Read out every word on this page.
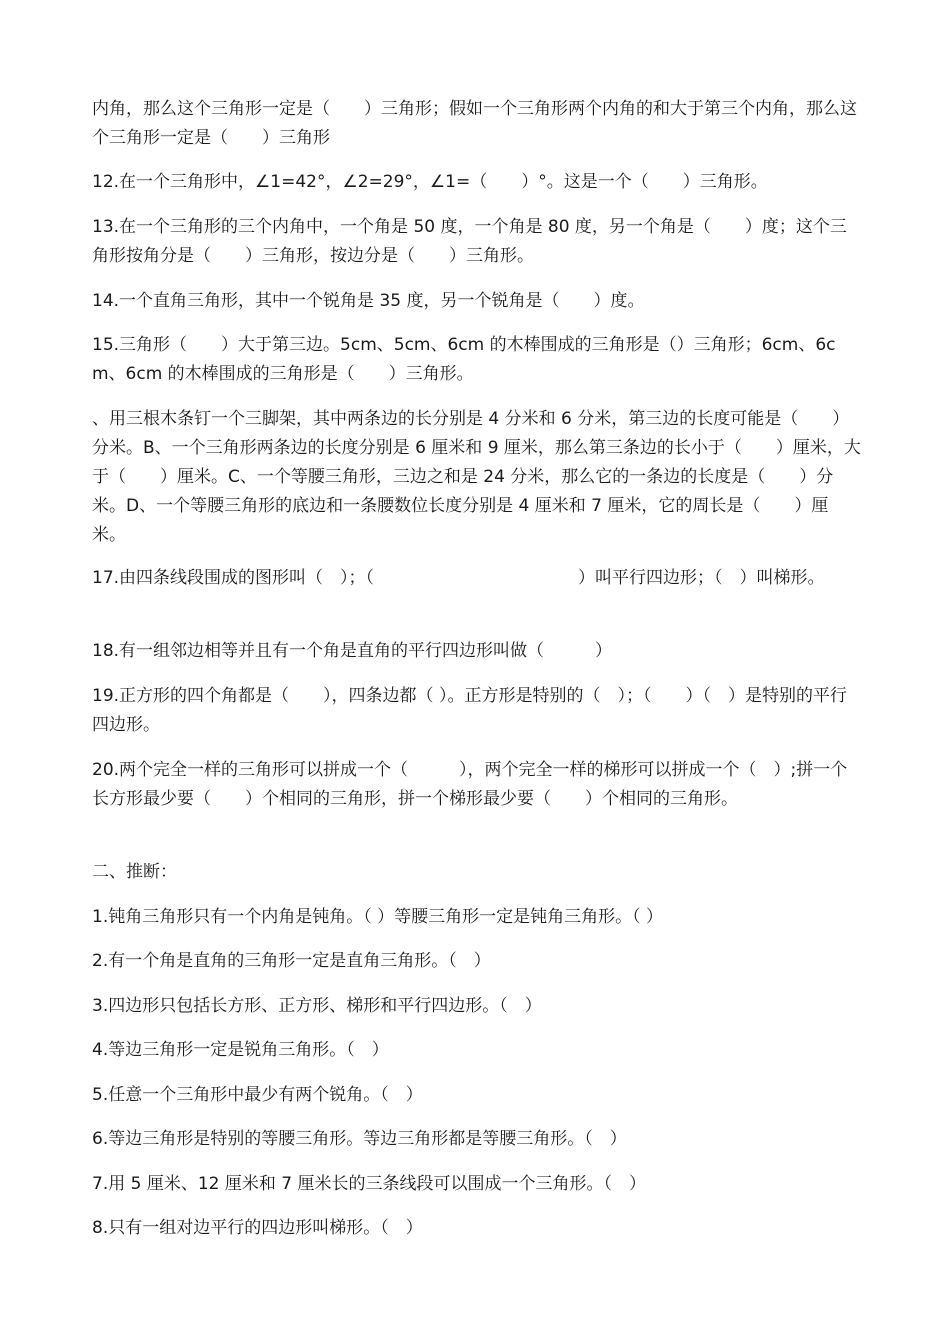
内角，那么这个三角形一定是（　　）三角形；假如一个三角形两个内角的和大于第三个内角，那么这个三角形一定是（　　）三角形
12.在一个三角形中，∠1=42°，∠2=29°，∠1=（　　）°。这是一个（　　）三角形。
13.在一个三角形的三个内角中，一个角是 50 度，一个角是 80 度，另一个角是（　　）度；这个三角形按角分是（　　）三角形，按边分是（　　）三角形。
14.一个直角三角形，其中一个锐角是 35 度，另一个锐角是（　　）度。
15.三角形（　　）大于第三边。5cm、5cm、6cm 的木棒围成的三角形是（）三角形；6cm、6cm、6cm 的木棒围成的三角形是（　　）三角形。
、用三根木条钉一个三脚架，其中两条边的长分别是 4 分米和 6 分米，第三边的长度可能是（　　）分米。B、一个三角形两条边的长度分别是 6 厘米和 9 厘米，那么第三条边的长小于（　　）厘米，大于（　　）厘米。C、一个等腰三角形，三边之和是 24 分米，那么它的一条边的长度是（　　）分米。D、一个等腰三角形的底边和一条腰数位长度分别是 4 厘米和 7 厘米，它的周长是（　　）厘米。
17.由四条线段围成的图形叫（　）；（　　　　　　　　　　　　）叫平行四边形；（　）叫梯形。
18.有一组邻边相等并且有一个角是直角的平行四边形叫做（　　　）
19.正方形的四个角都是（　　），四条边都（ ）。正方形是特别的（　）；（　　）（　）是特别的平行四边形。
20.两个完全一样的三角形可以拼成一个（　　　），两个完全一样的梯形可以拼成一个（　）;拼一个长方形最少要（　　）个相同的三角形，拼一个梯形最少要（　　）个相同的三角形。
二、推断：
1.钝角三角形只有一个内角是钝角。（ ）等腰三角形一定是钝角三角形。（ ）
2.有一个角是直角的三角形一定是直角三角形。（　）
3.四边形只包括长方形、正方形、梯形和平行四边形。（　）
4.等边三角形一定是锐角三角形。（　）
5.任意一个三角形中最少有两个锐角。（　）
6.等边三角形是特别的等腰三角形。等边三角形都是等腰三角形。（　）
7.用 5 厘米、12 厘米和 7 厘米长的三条线段可以围成一个三角形。（　）
8.只有一组对边平行的四边形叫梯形。（　）
